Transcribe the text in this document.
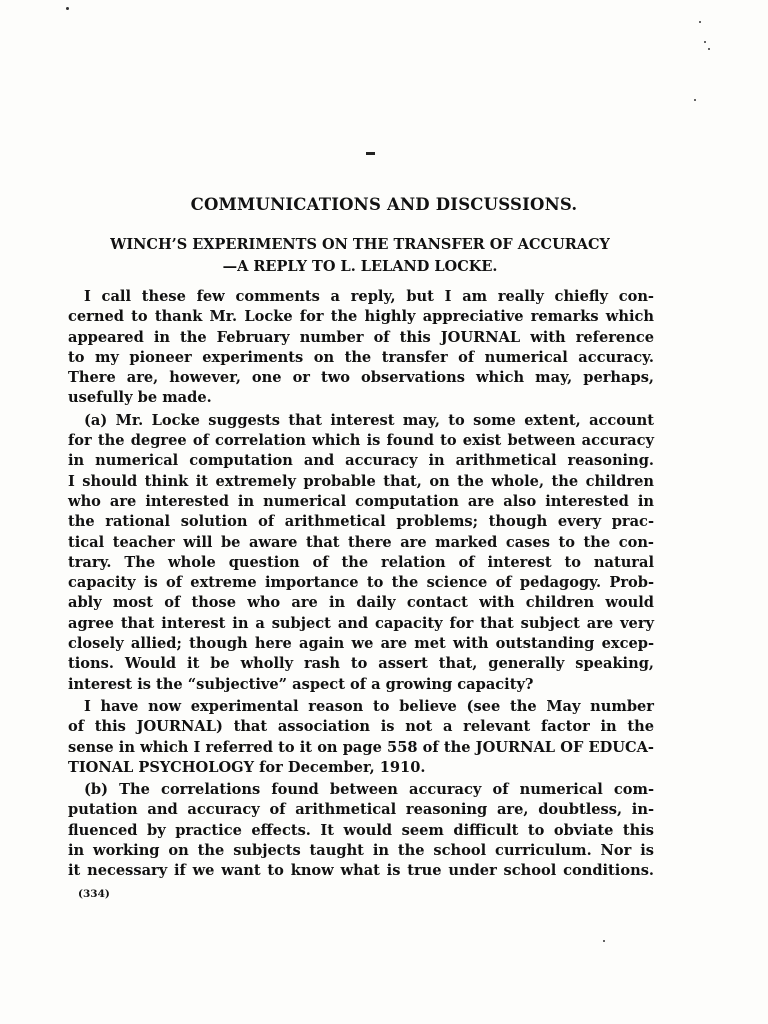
COMMUNICATIONS AND DISCUSSIONS.
WINCH’S EXPERIMENTS ON THE TRANSFER OF ACCURACY
—A REPLY TO L. LELAND LOCKE.
I call these few comments a reply, but I am really chiefly con-
cerned to thank Mr. Locke for the highly appreciative remarks which
appeared in the February number of this JOURNAL with reference
to my pioneer experiments on the transfer of numerical accuracy.
There are, however, one or two observations which may, perhaps,
usefully be made.
(a) Mr. Locke suggests that interest may, to some extent, account
for the degree of correlation which is found to exist between accuracy
in numerical computation and accuracy in arithmetical reasoning.
I should think it extremely probable that, on the whole, the children
who are interested in numerical computation are also interested in
the rational solution of arithmetical problems; though every prac-
tical teacher will be aware that there are marked cases to the con-
trary. The whole question of the relation of interest to natural
capacity is of extreme importance to the science of pedagogy. Prob-
ably most of those who are in daily contact with children would
agree that interest in a subject and capacity for that subject are very
closely allied; though here again we are met with outstanding excep-
tions. Would it be wholly rash to assert that, generally speaking,
interest is the “subjective” aspect of a growing capacity?
I have now experimental reason to believe (see the May number
of this JOURNAL) that association is not a relevant factor in the
sense in which I referred to it on page 558 of the JOURNAL OF EDUCA-
TIONAL PSYCHOLOGY for December, 1910.
(b) The correlations found between accuracy of numerical com-
putation and accuracy of arithmetical reasoning are, doubtless, in-
fluenced by practice effects. It would seem difficult to obviate this
in working on the subjects taught in the school curriculum. Nor is
it necessary if we want to know what is true under school conditions.
(334)
